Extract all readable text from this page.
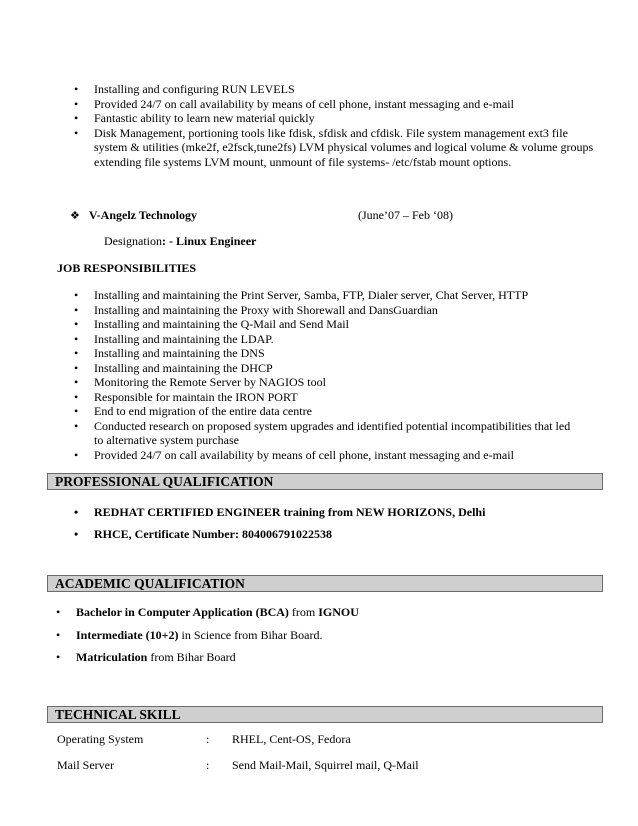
•	Installing and configuring RUN LEVELS
•	Provided 24/7 on call availability by means of cell phone, instant messaging and e-mail
•	Fantastic ability to learn new material quickly
•	Disk Management, portioning tools like fdisk, sfdisk and cfdisk. File system management ext3 file system & utilities (mke2f, e2fsck,tune2fs) LVM physical volumes and logical volume & volume groups extending file systems LVM mount, unmount of file systems- /etc/fstab mount options.
❖ V-Angelz Technology	(June’07 – Feb ‘08)
Designation: - Linux Engineer
JOB RESPONSIBILITIES
•	Installing and maintaining the Print Server, Samba, FTP, Dialer server, Chat Server, HTTP
•	Installing and maintaining the Proxy with Shorewall and DansGuardian
•	Installing and maintaining the Q-Mail and Send Mail
•	Installing and maintaining the LDAP.
•	Installing and maintaining the DNS
•	Installing and maintaining the DHCP
•	Monitoring the Remote Server by NAGIOS tool
•	Responsible for maintain the IRON PORT
•	End to end migration of the entire data centre
•	Conducted research on proposed system upgrades and identified potential incompatibilities that led to alternative system purchase
•	Provided 24/7 on call availability by means of cell phone, instant messaging and e-mail
PROFESSIONAL QUALIFICATION
•	REDHAT CERTIFIED ENGINEER training from NEW HORIZONS, Delhi
•	RHCE, Certificate Number: 804006791022538
ACADEMIC QUALIFICATION
•	Bachelor in Computer Application (BCA) from IGNOU
•	Intermediate (10+2) in Science from Bihar Board.
•	Matriculation from Bihar Board
TECHNICAL SKILL
Operating System	: RHEL, Cent-OS, Fedora
Mail Server	: Send Mail-Mail, Squirrel mail, Q-Mail
